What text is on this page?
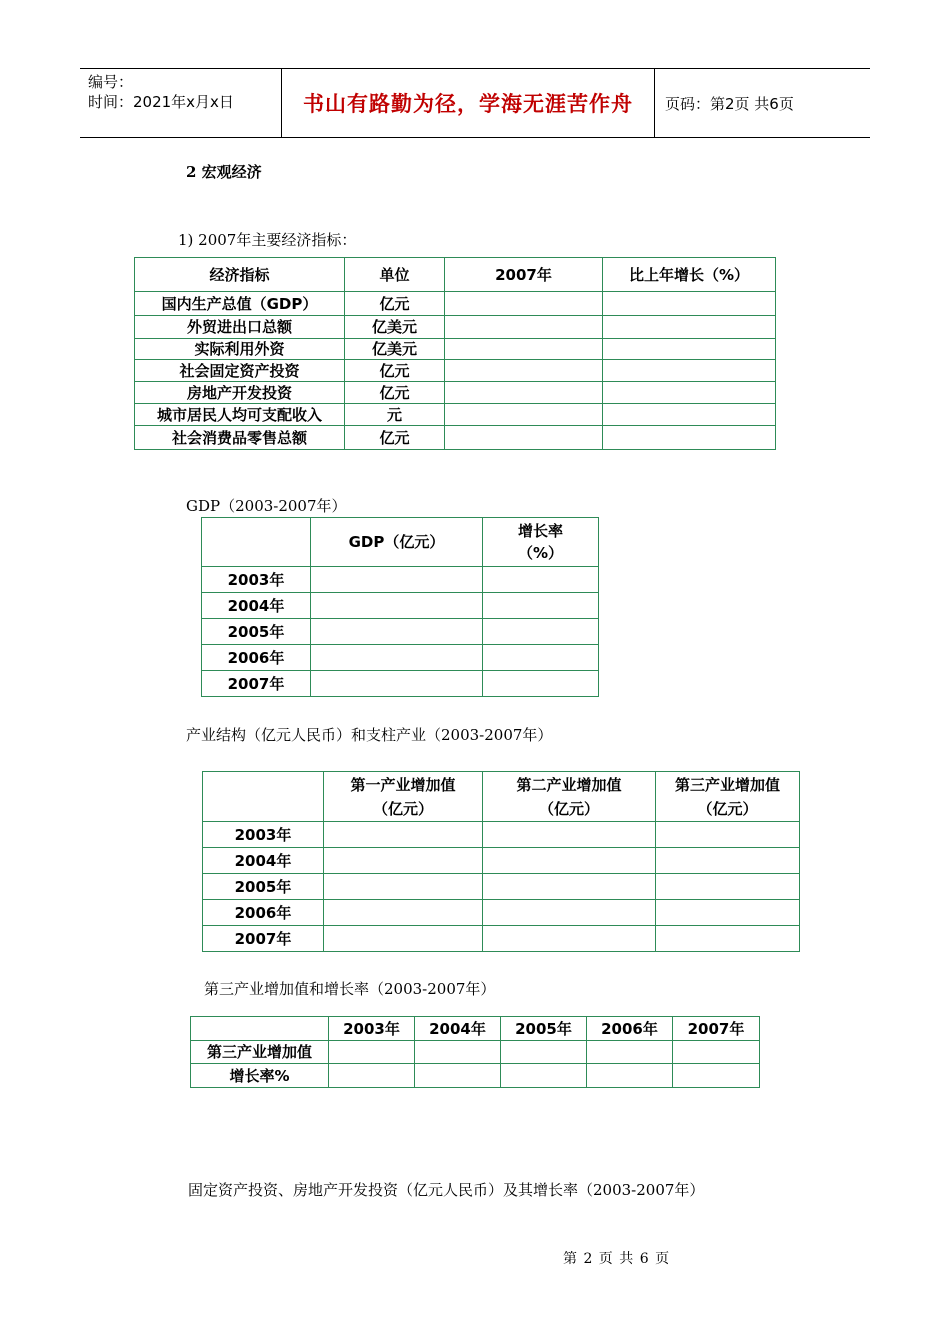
编号：
时间：2021年x月x日	书山有路勤为径，学海无涯苦作舟 页码：第2页 共6页
2 宏观经济
1) 2007年主要经济指标：
经济指标	单位	2007年	比上年增长（%）
国内生产总值（GDP）	亿元		
外贸进出口总额	亿美元		
实际利用外资	亿美元		
社会固定资产投资	亿元		
房地产开发投资	亿元		
城市居民人均可支配收入	元		
社会消费品零售总额	亿元		
GDP（2003-2007年）
	GDP（亿元）	增长率（%）

2003年		
2004年		
2005年		
2006年		
2007年		
产业结构（亿元人民币）和支柱产业（2003-2007年）

	第一产业增加值（亿元）	第二产业增加值（亿元）	第三产业增加值（亿元）

2003年			
2004年			
2005年			
2006年			
2007年			
第三产业增加值和增长率（2003-2007年）
	2003年	2004年	2005年	2006年	2007年
第三产业增加值					
增长率%					
固定资产投资、房地产开发投资（亿元人民币）及其增长率（2003-2007年）
第 2 页 共 6 页
